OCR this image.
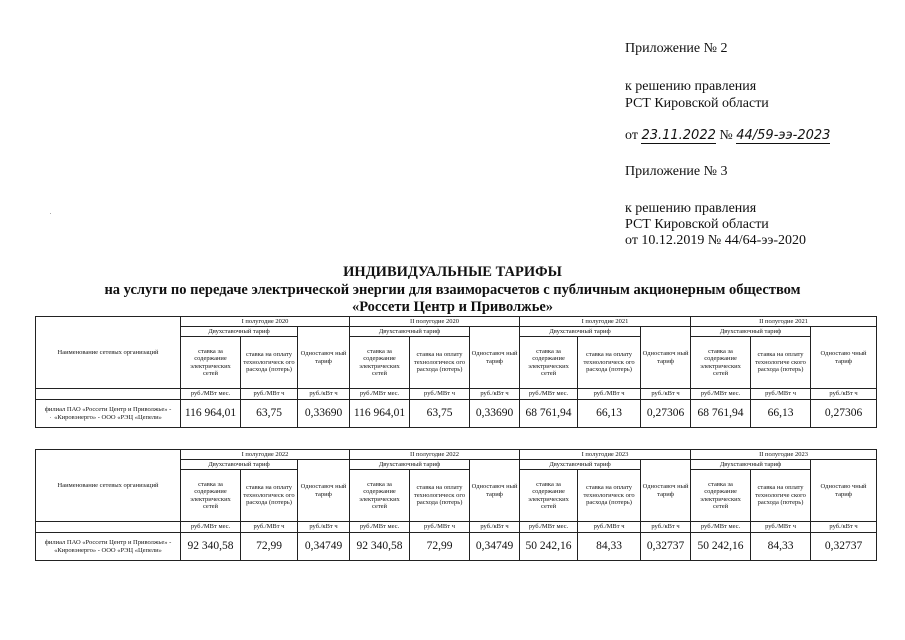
Приложение № 2
к решению правления
РСТ Кировской области
от 23.11.2022 № 44/59-ээ-2023
Приложение № 3
к решению правления
РСТ Кировской области
от 10.12.2019 № 44/64-ээ-2020
ИНДИВИДУАЛЬНЫЕ ТАРИФЫ
на услуги по передаче электрической энергии для взаиморасчетов с публичным акционерным обществом
«Россети Центр и Приволжье»
Наименование сетевых организаций	I полугодие 2020			II полугодие 2020			I полугодие 2021			II полугодие 2021		
	Двухставочный тариф		Одноставоч ный тариф	Двухставочный тариф		Одноставоч ный тариф	Двухставочный тариф		Одноставоч ный тариф	Двухставочный тариф		Одноставо чный тариф
	ставка за содержание электрических сетей	ставка на оплату технологическ ого расхода (потерь)		ставка за содержание электрических сетей	ставка на оплату технологическ ого расхода (потерь)		ставка за содержание электрических сетей	ставка на оплату технологическ ого расхода (потерь)		ставка за содержание электрических сетей	ставка на оплату технологиче ского расхода (потерь)	
	руб./МВт мес.	руб./МВт ч	руб./кВт ч	руб./МВт мес.	руб./МВт ч	руб./кВт ч	руб./МВт мес.	руб./МВт ч	руб./кВт ч	руб./МВт мес.	руб./МВт ч	руб./кВт ч
филиал ПАО «Россети Центр и Приволжье» - «Кировэнерго» - ООО «РЭЦ «Цепели»	116 964,01	63,75	0,33690	116 964,01	63,75	0,33690	68 761,94	66,13	0,27306	68 761,94	66,13	0,27306
Наименование сетевых организаций	I полугодие 2022			II полугодие 2022			I полугодие 2023			II полугодие 2023		
	Двухставочный тариф		Одноставоч ный тариф	Двухставочный тариф		Одноставоч ный тариф	Двухставочный тариф		Одноставоч ный тариф	Двухставочный тариф		Одноставо чный тариф
	ставка за содержание электрических сетей	ставка на оплату технологическ ого расхода (потерь)		ставка за содержание электрических сетей	ставка на оплату технологическ ого расхода (потерь)		ставка за содержание электрических сетей	ставка на оплату технологическ ого расхода (потерь)		ставка за содержание электрических сетей	ставка на оплату технологиче ского расхода (потерь)	
	руб./МВт мес.	руб./МВт ч	руб./кВт ч	руб./МВт мес.	руб./МВт ч	руб./кВт ч	руб./МВт мес.	руб./МВт ч	руб./кВт ч	руб./МВт мес.	руб./МВт ч	руб./кВт ч
филиал ПАО «Россети Центр и Приволжье» - «Кировэнерго» - ООО «РЭЦ «Цепели»	92 340,58	72,99	0,34749	92 340,58	72,99	0,34749	50 242,16	84,33	0,32737	50 242,16	84,33	0,32737
